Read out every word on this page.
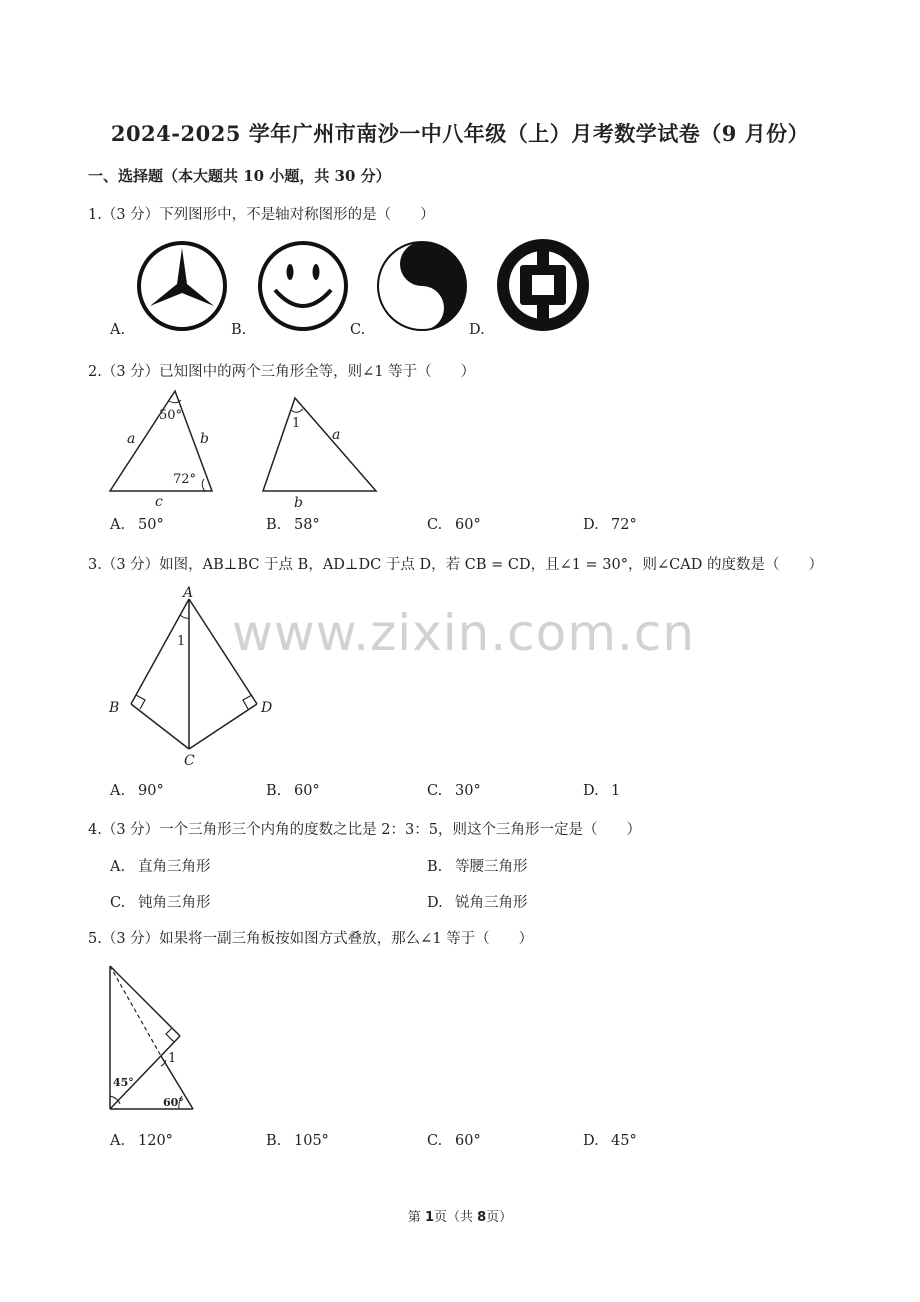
2024-2025 学年广州市南沙一中八年级（上）月考数学试卷（9 月份）
一、选择题（本大题共 10 小题，共 30 分）
1.（3 分）下列图形中，不是轴对称图形的是（　　）
A.	B.	C.	D.
2.（3 分）已知图中的两个三角形全等，则∠1 等于（　　）
50°
72°
a	b
c
1
a
b
A. 50°	B. 58°	C. 60°	D. 72°
3.（3 分）如图，AB⊥BC 于点 B，AD⊥DC 于点 D，若 CB = CD，且∠1 = 30°，则∠CAD 的度数是（　　）
A
B
C
D
1 www.zixin.com.cn
A. 90°	B. 60°	C. 30°	D. 1
4.（3 分）一个三角形三个内角的度数之比是 2：3：5，则这个三角形一定是（　　）
A. 直角三角形	B. 等腰三角形
C. 钝角三角形	D. 锐角三角形
5.（3 分）如果将一副三角板按如图方式叠放，那么∠1 等于（　　）
45°
60°
1
A. 120°	B. 105°	C. 60°	D. 45°
第 1页（共 8页）
